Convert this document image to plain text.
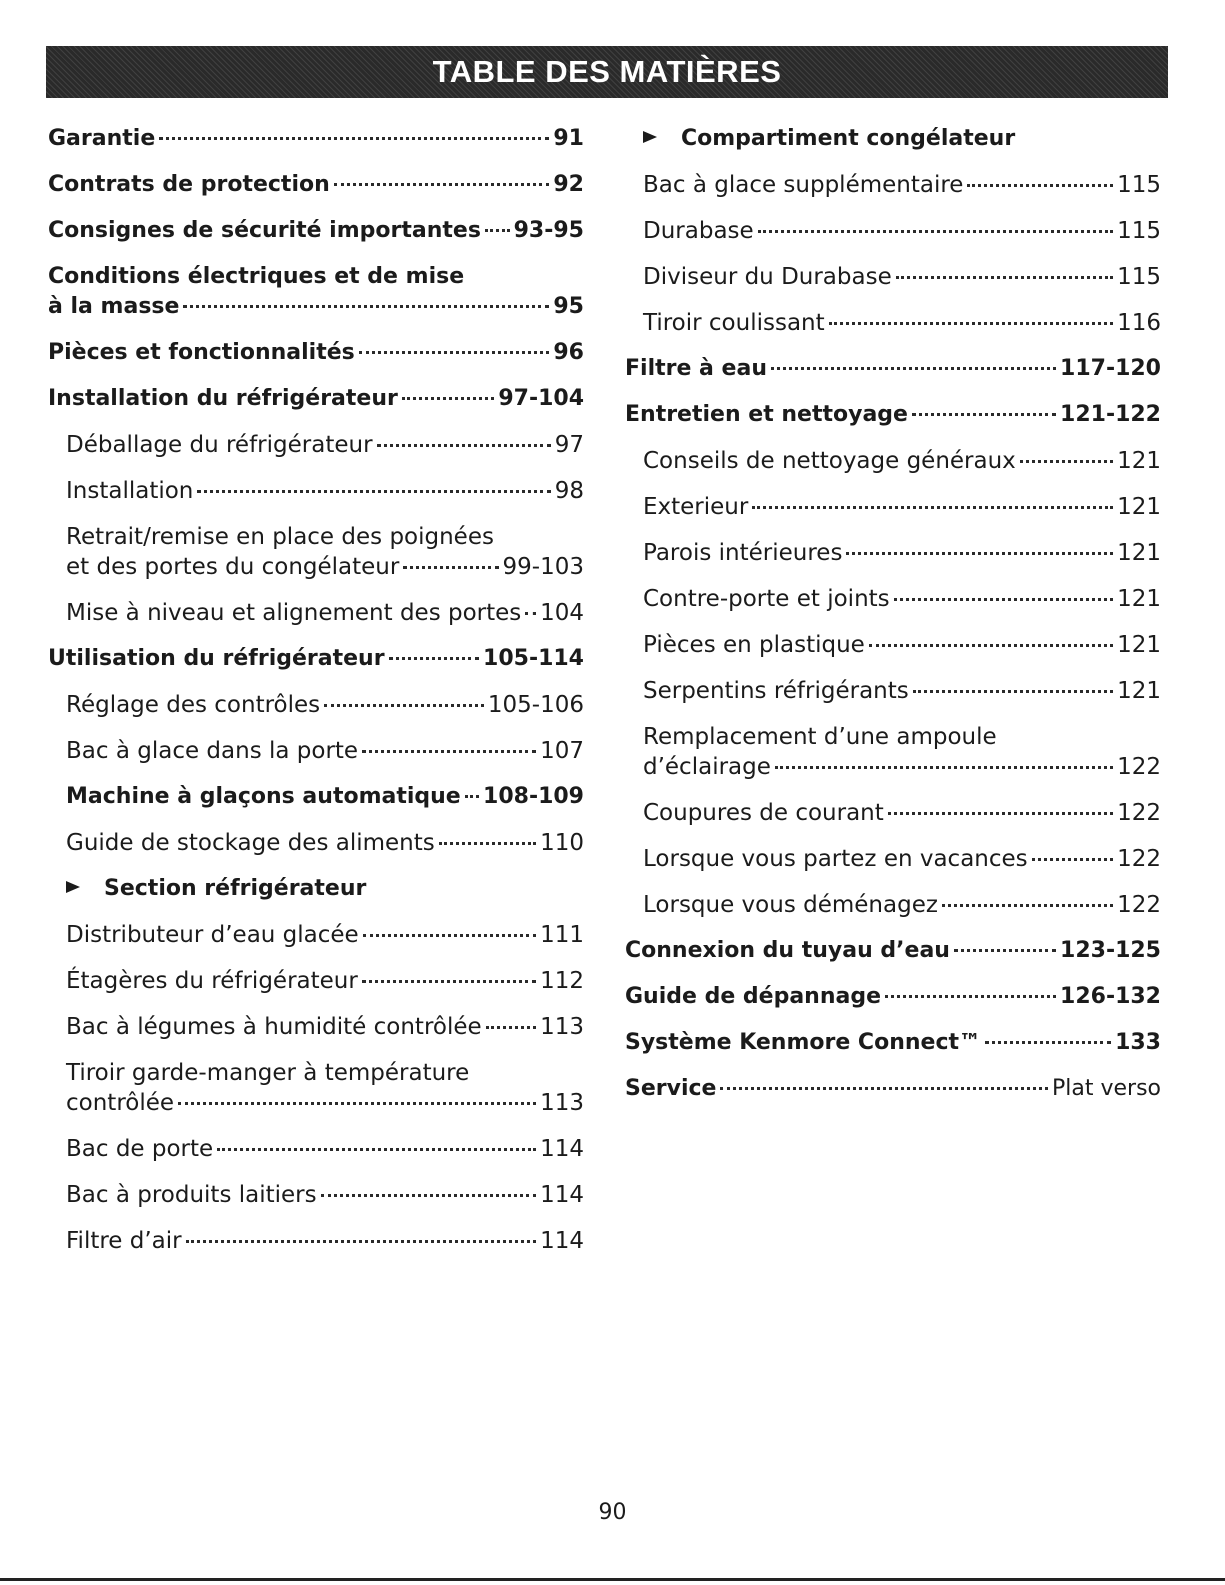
TABLE DES MATIÈRES
Garantie	91
Contrats de protection	92
Consignes de sécurité importantes 93-95
Conditions électriques et de mise
à la masse	95
Pièces et fonctionnalités	96
Installation du réfrigérateur	97-104
Déballage du réfrigérateur	97
Installation	98
Retrait/remise en place des poignées
et des portes du congélateur	99-103
Mise à niveau et alignement des portes 104
Utilisation du réfrigérateur	105-114
Réglage des contrôles	105-106
Bac à glace dans la porte	107
Machine à glaçons automatique 108-109
Guide de stockage des aliments	110
Section réfrigérateur
Distributeur d’eau glacée	111
Étagères du réfrigérateur	112
Bac à légumes à humidité contrôlée	113
Tiroir garde-manger à température
contrôlée	113
Bac de porte	114
Bac à produits laitiers	114
Filtre d’air	114
Compartiment congélateur
Bac à glace supplémentaire	115
Durabase	115
Diviseur du Durabase	115
Tiroir coulissant	116
Filtre à eau	117-120
Entretien et nettoyage	121-122
Conseils de nettoyage généraux	121
Exterieur	121
Parois intérieures	121
Contre-porte et joints	121
Pièces en plastique	121
Serpentins réfrigérants	121
Remplacement d’une ampoule
d’éclairage	122
Coupures de courant	122
Lorsque vous partez en vacances	122
Lorsque vous déménagez	122
Connexion du tuyau d’eau	123-125
Guide de dépannage	126-132
Système Kenmore Connect™	133
Service	Plat verso
90
